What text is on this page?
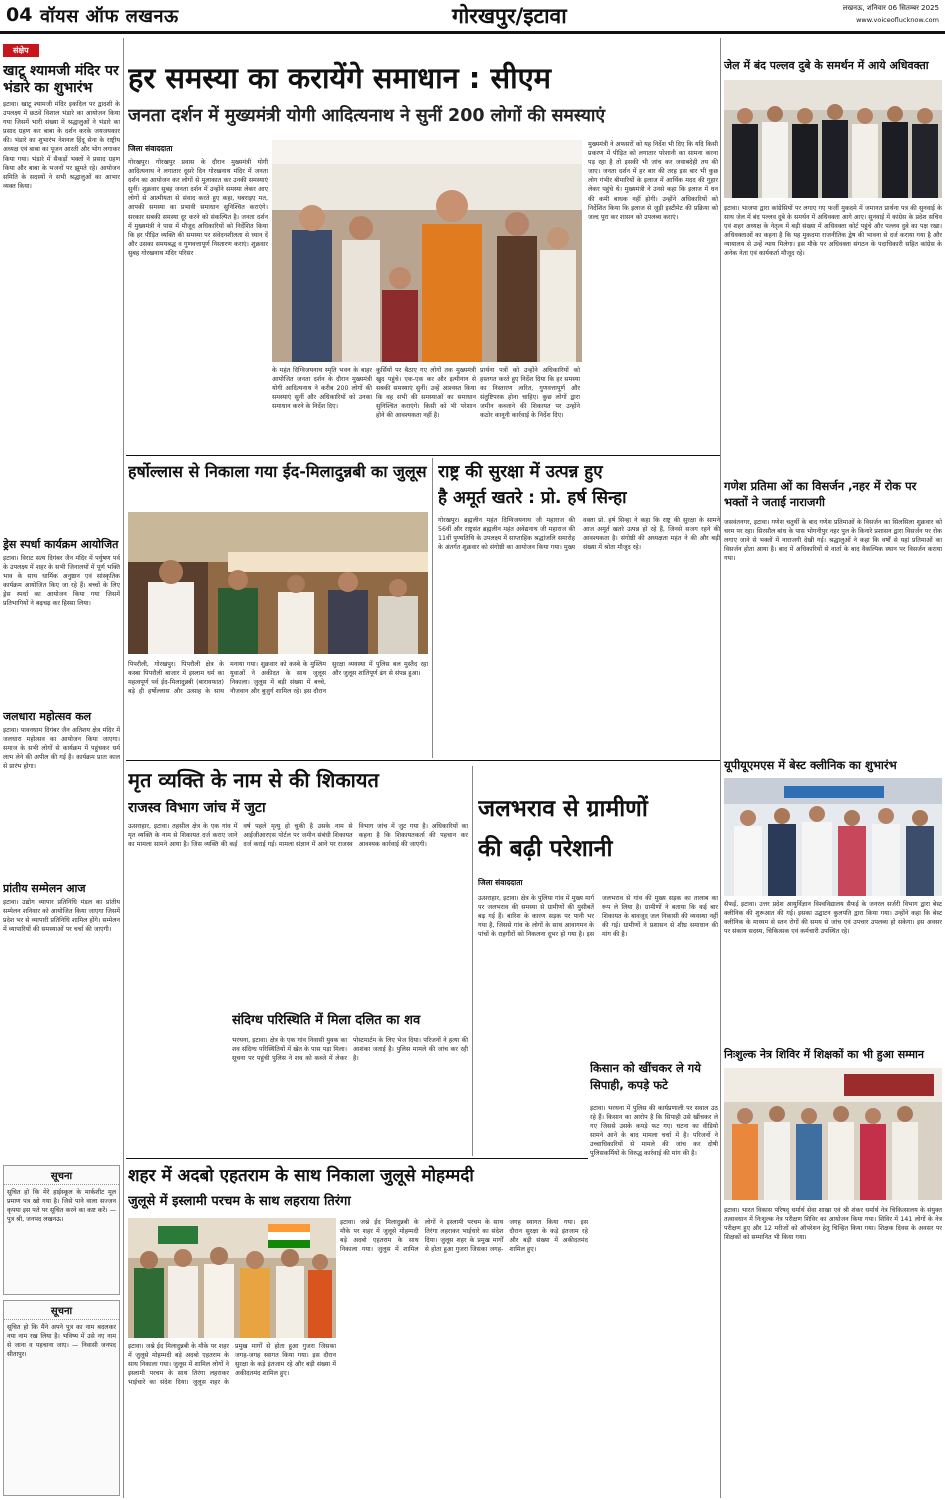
04 वॉयस ऑफ लखनऊ	गोरखपुर/इटावा	लखनऊ, शनिवार 06 सितम्बर 2025
www.voiceoflucknow.com
संक्षेप
खाटू श्यामजी मंदिर पर भंडारे का शुभारंभ
इटावा। खाटू श्यामजी मंदिर इकदिल पर द्वादशी के उपलक्ष्य में छठवें विशाल भंडारे का आयोजन किया गया जिसमें भारी संख्या में श्रद्धालुओं ने भंडारे का प्रसाद ग्रहण कर बाबा के दर्शन करके जयजयकार की। भंडारे का शुभारंभ नेशनल हिंदू सेना के राष्ट्रीय अध्यक्ष एवं बाबा का पूजन आरती और भोग लगाकर किया गया। भंडारे में सैकड़ों भक्तों ने प्रसाद ग्रहण किया और बाबा के भजनों पर झूमते रहे। आयोजन समिति के सदस्यों ने सभी श्रद्धालुओं का आभार व्यक्त किया।
ड्रेस स्पर्धा कार्यक्रम आयोजित
इटावा। विराट सत्य दिगंबर जैन मंदिर में पर्युषण पर्व के उपलक्ष्य में शहर के सभी जिनालयों में पूर्ण भक्ति भाव के साथ धार्मिक अनुष्ठान एवं सांस्कृतिक कार्यक्रम आयोजित किए जा रहे हैं। बच्चों के लिए ड्रेस स्पर्धा का आयोजन किया गया जिसमें प्रतिभागियों ने बढ़चढ़ कर हिस्सा लिया।
जलधारा महोत्सव कल
इटावा। पावनधाम दिगंबर जैन अतिशय क्षेत्र मंदिर में जलधारा महोत्सव का आयोजन किया जाएगा। समाज के सभी लोगों से कार्यक्रम में पहुंचकर धर्म लाभ लेने की अपील की गई है। कार्यक्रम प्रातः काल से प्रारंभ होगा।
प्रांतीय सम्मेलन आज
इटावा। उद्योग व्यापार प्रतिनिधि मंडल का प्रांतीय सम्मेलन शनिवार को आयोजित किया जाएगा जिसमें प्रदेश भर से व्यापारी प्रतिनिधि शामिल होंगे। सम्मेलन में व्यापारियों की समस्याओं पर चर्चा की जाएगी।
सूचना
सूचित हो कि मेरे हाईस्कूल के मार्कशीट मूल प्रमाण पत्र खो गया है। जिसे पाने वाला सज्जन कृपया इस पते पर सूचित करने का कष्ट करें। — पुत्र श्री, जनपद लखनऊ।
सूचना
सूचित हो कि मैंने अपने पुत्र का नाम बदलकर नया नाम रख लिया है। भविष्य में उसे नए नाम से जाना व पहचाना जाए। — निवासी जनपद सीतापुर।
हर समस्या का करायेंगे समाधान : सीएम
जनता दर्शन में मुख्यमंत्री योगी आदित्यनाथ ने सुनीं 200 लोगों की समस्याएं
जिला संवाददाता
गोरखपुर। गोरखपुर प्रवास के दौरान मुख्यमंत्री योगी आदित्यनाथ ने लगातार दूसरे दिन गोरखनाथ मंदिर में जनता दर्शन का आयोजन कर लोगों से मुलाकात कर उनकी समस्याएं सुनीं। शुक्रवार सुबह जनता दर्शन में उन्होंने समस्या लेकर आए लोगों से आत्मीयता से संवाद करते हुए कहा, घबराइए मत, आपकी समस्या का प्रभावी समाधान सुनिश्चित कराएंगे। सरकार सबकी समस्या दूर करने को संकल्पित है। जनता दर्शन में मुख्यमंत्री ने पास में मौजूद अधिकारियों को निर्देशित किया कि हर पीड़ित व्यक्ति की समस्या पर संवेदनशीलता से ध्यान दें और उसका समयबद्ध व गुणवत्तापूर्ण निस्तारण कराएं। शुक्रवार सुबह गोरखनाथ मंदिर परिसर
के महंत दिग्विजयनाथ स्मृति भवन के बाहर आयोजित जनता दर्शन के दौरान मुख्यमंत्री योगी आदित्यनाथ ने करीब 200 लोगों की समस्याएं सुनीं और अधिकारियों को उनका समाधान करने के निर्देश दिए।
कुर्सियों पर बैठाए गए लोगों तक मुख्यमंत्री खुद पहुंचे। एक-एक कर और इत्मीनान से सबकी समस्याएं सुनीं। उन्हें आश्वस्त किया कि वह सभी की समस्याओं का समाधान सुनिश्चित कराएंगे। किसी को भी परेशान होने की आवश्यकता नहीं है।
प्रार्थना पत्रों को उन्होंने अधिकारियों को हस्तगत करते हुए निर्देश दिया कि हर समस्या का निस्तारण त्वरित, गुणवत्तापूर्ण और संतुष्टिपरक होना चाहिए। कुछ लोगों द्वारा जमीन कब्जाने की शिकायत पर उन्होंने कठोर कानूनी कार्रवाई के निर्देश दिए।
मुख्यमंत्री ने अफसरों को यह निर्देश भी दिए कि यदि किसी प्रकरण में पीड़ित को लगातार परेशानी का सामना करना पड़ रहा है तो इसकी भी जांच कर जवाबदेही तय की जाए। जनता दर्शन में हर बार की तरह इस बार भी कुछ लोग गंभीर बीमारियों के इलाज में आर्थिक मदद की गुहार लेकर पहुंचे थे। मुख्यमंत्री ने उनसे कहा कि इलाज में धन की कमी बाधक नहीं होगी। उन्होंने अधिकारियों को निर्देशित किया कि इलाज से जुड़ी इस्टीमेट की प्रक्रिया को जल्द पूरा कर शासन को उपलब्ध कराएं।
हर्षोल्लास से निकाला गया ईद-मिलादुन्नबी का जुलूस
पिपरौली, गोरखपुर। पिपरौली क्षेत्र के कस्बा पिपरौली बाजार में इस्लाम धर्म का महत्वपूर्ण पर्व ईद-मिलादुन्नबी (बारावफात) बड़े ही हर्षोल्लास और उत्साह के साथ मनाया गया। शुक्रवार को कस्बे के मुस्लिम युवाओं ने अकीदत के साथ जुलूस निकाला। जुलूस में बड़ी संख्या में बच्चे, नौजवान और बुजुर्ग शामिल रहे। इस दौरान सुरक्षा व्यवस्था में पुलिस बल मुस्तैद रहा और जुलूस शांतिपूर्ण ढंग से संपन्न हुआ।
राष्ट्र की सुरक्षा में उत्पन्न हुए
है अमूर्त खतरे : प्रो. हर्ष सिन्हा
गोरखपुर। ब्रह्मलीन महंत दिग्विजयनाथ जी महाराज की 56वीं और राष्ट्रसंत ब्रह्मलीन महंत अवेद्यनाथ जी महाराज की 11वीं पुण्यतिथि के उपलक्ष्य में साप्ताहिक श्रद्धांजलि समारोह के अंतर्गत शुक्रवार को संगोष्ठी का आयोजन किया गया। मुख्य वक्ता प्रो. हर्ष सिन्हा ने कहा कि राष्ट्र की सुरक्षा के सामने आज अमूर्त खतरे उत्पन्न हो रहे हैं, जिनसे सजग रहने की आवश्यकता है। संगोष्ठी की अध्यक्षता महंत ने की और बड़ी संख्या में श्रोता मौजूद रहे।
मृत व्यक्ति के नाम से की शिकायत
राजस्व विभाग जांच में जुटा
ऊसराहार, इटावा। तहसील क्षेत्र के एक गांव में मृत व्यक्ति के नाम से शिकायत दर्ज कराए जाने का मामला सामने आया है। जिस व्यक्ति की कई वर्ष पहले मृत्यु हो चुकी है उसके नाम से आईजीआरएस पोर्टल पर जमीन संबंधी शिकायत दर्ज कराई गई। मामला संज्ञान में आने पर राजस्व विभाग जांच में जुट गया है। अधिकारियों का कहना है कि शिकायतकर्ता की पहचान कर आवश्यक कार्रवाई की जाएगी।
संदिग्ध परिस्थिति में मिला दलित का शव
भरथना, इटावा। क्षेत्र के एक गांव निवासी युवक का शव संदिग्ध परिस्थितियों में खेत के पास पड़ा मिला। सूचना पर पहुंची पुलिस ने शव को कब्जे में लेकर पोस्टमार्टम के लिए भेज दिया। परिजनों ने हत्या की आशंका जताई है। पुलिस मामले की जांच कर रही है।
जलभराव से ग्रामीणों
की बढ़ी परेशानी
जिला संवाददाता
ऊसराहार, इटावा। क्षेत्र के पुलिया गांव में मुख्य मार्ग पर जलभराव की समस्या से ग्रामीणों की मुसीबतें बढ़ गई हैं। बारिश के कारण सड़क पर पानी भर गया है, जिससे गांव के लोगों के साथ आवागमन के पांचों के राहगीरों को निकलना दूभर हो गया है। इस जलभराव से गांव की मुख्य सड़क का तालाब का रूप ले लिया है। ग्रामीणों ने बताया कि कई बार शिकायत के बावजूद जल निकासी की व्यवस्था नहीं की गई। ग्रामीणों ने प्रशासन से शीघ्र समाधान की मांग की है।
किसान को खींचकर ले गये सिपाही, कपड़े फटे
इटावा। भरथना में पुलिस की कार्यप्रणाली पर सवाल उठ रहे हैं। किसान का आरोप है कि सिपाही उसे खींचकर ले गए जिससे उसके कपड़े फट गए। घटना का वीडियो सामने आने के बाद मामला चर्चा में है। परिजनों ने उच्चाधिकारियों से मामले की जांच कर दोषी पुलिसकर्मियों के विरुद्ध कार्रवाई की मांग की है।
शहर में अदबो एहतराम के साथ निकाला जुलूसे मोहम्मदी
जुलूसे में इस्लामी परचम के साथ लहराया तिरंगा
इटावा। जश्ने ईद मिलादुन्नबी के मौके पर शहर में जुलूसे मोहम्मदी बड़े अदबो एहतराम के साथ निकाला गया। जुलूस में शामिल लोगों ने इस्लामी परचम के साथ तिरंगा लहराकर भाईचारे का संदेश दिया। जुलूस शहर के प्रमुख मार्गों से होता हुआ गुजरा जिसका जगह-जगह स्वागत किया गया। इस दौरान सुरक्षा के कड़े इंतजाम रहे और बड़ी संख्या में अकीदतमंद शामिल हुए।
इटावा। जश्ने ईद मिलादुन्नबी के मौके पर शहर में जुलूसे मोहम्मदी बड़े अदबो एहतराम के साथ निकाला गया। जुलूस में शामिल लोगों ने इस्लामी परचम के साथ तिरंगा लहराकर भाईचारे का संदेश दिया। जुलूस शहर के प्रमुख मार्गों से होता हुआ गुजरा जिसका जगह-जगह स्वागत किया गया। इस दौरान सुरक्षा के कड़े इंतजाम रहे और बड़ी संख्या में अकीदतमंद शामिल हुए।
जेल में बंद पल्लव दुबे के समर्थन में आये अधिवक्ता
इटावा। भाजपा द्वारा कांग्रेसियों पर लगाए गए फर्जी मुकदमे में जमानत प्रार्थना पत्र की सुनवाई के साथ जेल में बंद पल्लव दुबे के समर्थन में अधिवक्ता आगे आए। सुनवाई में कांग्रेस के प्रदेश सचिव एवं शहर अध्यक्ष के नेतृत्व में बड़ी संख्या में अधिवक्ता कोर्ट पहुंचे और पल्लव दुबे का पक्ष रखा। अधिवक्ताओं का कहना है कि यह मुकदमा राजनीतिक द्वेष की भावना से दर्ज कराया गया है और न्यायालय से उन्हें न्याय मिलेगा। इस मौके पर अधिवक्ता संगठन के पदाधिकारी सहित कांग्रेस के अनेक नेता एवं कार्यकर्ता मौजूद रहे।
गणेश प्रतिमा ओं का विसर्जन ,नहर में रोक पर भक्तों ने जताई नाराजगी
जसवंतनगर, इटावा। गणेश चतुर्थी के बाद गणेश प्रतिमाओं के विसर्जन का सिलसिला शुक्रवार को चरम पर रहा। सिरसौल बांध के पास भोगनीपुर नहर पुल के किनारे प्रशासन द्वारा विसर्जन पर रोक लगाए जाने से भक्तों में नाराजगी देखी गई। श्रद्धालुओं ने कहा कि वर्षों से यहां प्रतिमाओं का विसर्जन होता आया है। बाद में अधिकारियों से वार्ता के बाद वैकल्पिक स्थान पर विसर्जन कराया गया।
यूपीयूएमएस में बेस्ट क्लीनिक का शुभारंभ
सैफई, इटावा। उत्तर प्रदेश आयुर्विज्ञान विश्वविद्यालय सैफई के जनरल सर्जरी विभाग द्वारा बेस्ट क्लीनिक की शुरूआत की गई। इसका उद्घाटन कुलपति द्वारा किया गया। उन्होंने कहा कि बेस्ट क्लीनिक के माध्यम से स्तन रोगों की समय से जांच एवं उपचार उपलब्ध हो सकेगा। इस अवसर पर संकाय सदस्य, चिकित्सक एवं कर्मचारी उपस्थित रहे।
निःशुल्क नेत्र शिविर में शिक्षकों का भी हुआ सम्मान
इटावा। भारत विकास परिषद् धर्मार्थ सेवा शाखा एवं श्री शंकर धर्मार्थ नेत्र चिकित्सालय के संयुक्त तत्वावधान में निःशुल्क नेत्र परीक्षण शिविर का आयोजन किया गया। शिविर में 141 लोगों के नेत्र परीक्षण हुए और 12 मरीजों को ऑपरेशन हेतु चिन्हित किया गया। शिक्षक दिवस के अवसर पर शिक्षकों को सम्मानित भी किया गया।
